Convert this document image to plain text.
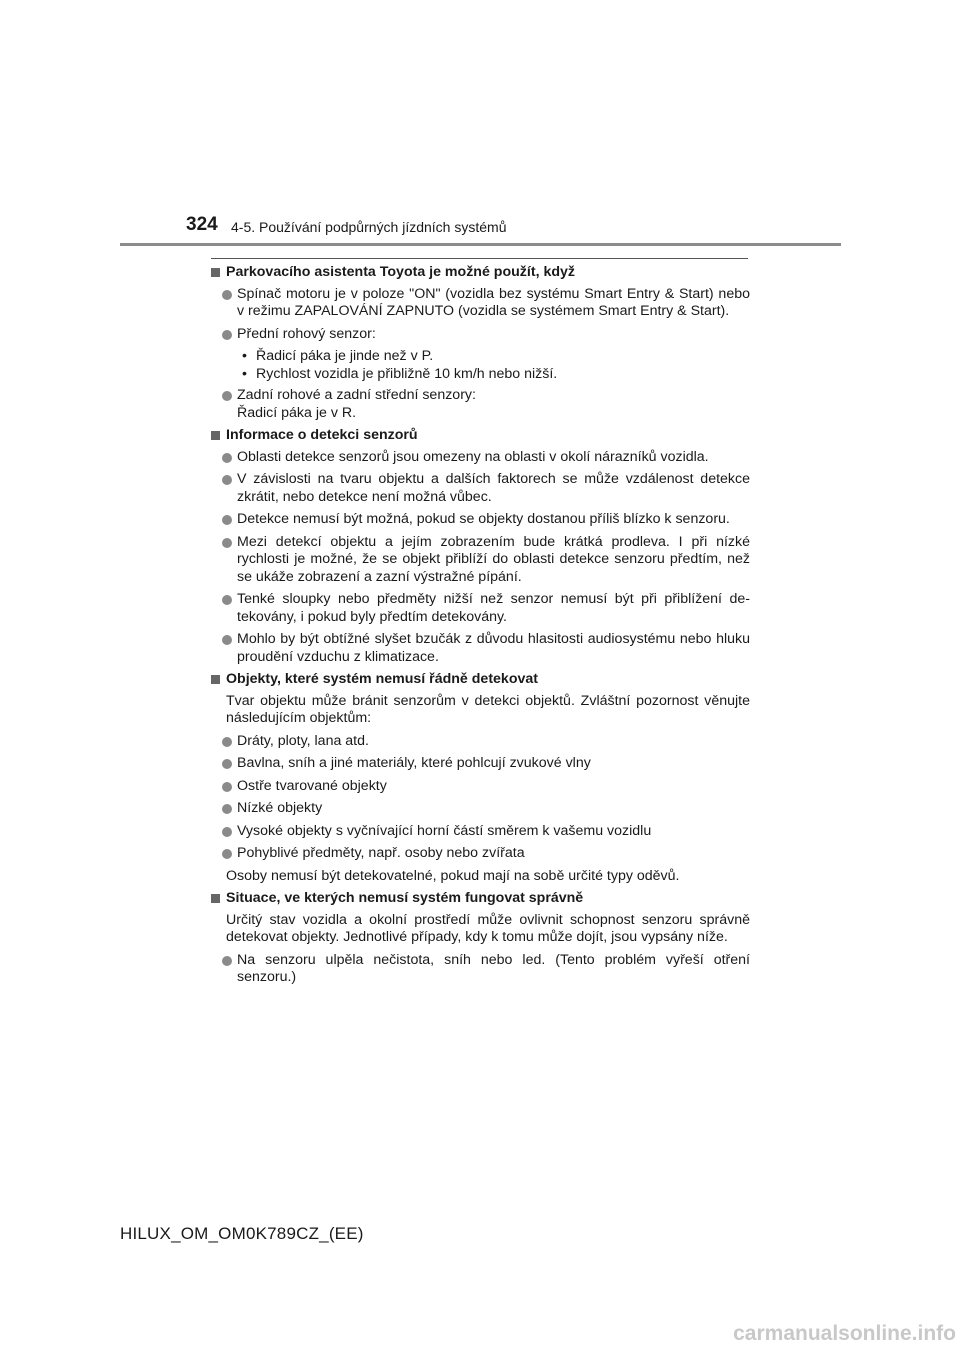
324 4-5. Používání podpůrných jízdních systémů
Parkovacího asistenta Toyota je možné použít, když
Spínač motoru je v poloze "ON" (vozidla bez systému Smart Entry & Start) nebo v režimu ZAPALOVÁNÍ ZAPNUTO (vozidla se systémem Smart Entry & Start).
Přední rohový senzor:
• Řadicí páka je jinde než v P.
• Rychlost vozidla je přibližně 10 km/h nebo nižší.
Zadní rohové a zadní střední senzory:
Řadicí páka je v R.
Informace o detekci senzorů
Oblasti detekce senzorů jsou omezeny na oblasti v okolí nárazníků vozidla.
V závislosti na tvaru objektu a dalších faktorech se může vzdálenost detekce zkrátit, nebo detekce není možná vůbec.
Detekce nemusí být možná, pokud se objekty dostanou příliš blízko k senzoru.
Mezi detekcí objektu a jejím zobrazením bude krátká prodleva. I při nízké rychlosti je možné, že se objekt přiblíží do oblasti detekce senzoru předtím, než se ukáže zobrazení a zazní výstražné pípání.
Tenké sloupky nebo předměty nižší než senzor nemusí být při přiblížení detekovány, i pokud byly předtím detekovány.
Mohlo by být obtížné slyšet bzučák z důvodu hlasitosti audiosystému nebo hluku proudění vzduchu z klimatizace.
Objekty, které systém nemusí řádně detekovat
Tvar objektu může bránit senzorům v detekci objektů. Zvláštní pozornost věnujte následujícím objektům:
Dráty, ploty, lana atd.
Bavlna, sníh a jiné materiály, které pohlcují zvukové vlny
Ostře tvarované objekty
Nízké objekty
Vysoké objekty s vyčnívající horní částí směrem k vašemu vozidlu
Pohyblivé předměty, např. osoby nebo zvířata
Osoby nemusí být detekovatelné, pokud mají na sobě určité typy oděvů.
Situace, ve kterých nemusí systém fungovat správně
Určitý stav vozidla a okolní prostředí může ovlivnit schopnost senzoru správně detekovat objekty. Jednotlivé případy, kdy k tomu může dojít, jsou vypsány níže.
Na senzoru ulpěla nečistota, sníh nebo led. (Tento problém vyřeší otření senzoru.)
HILUX_OM_OM0K789CZ_(EE)
carmanualsonline.info
